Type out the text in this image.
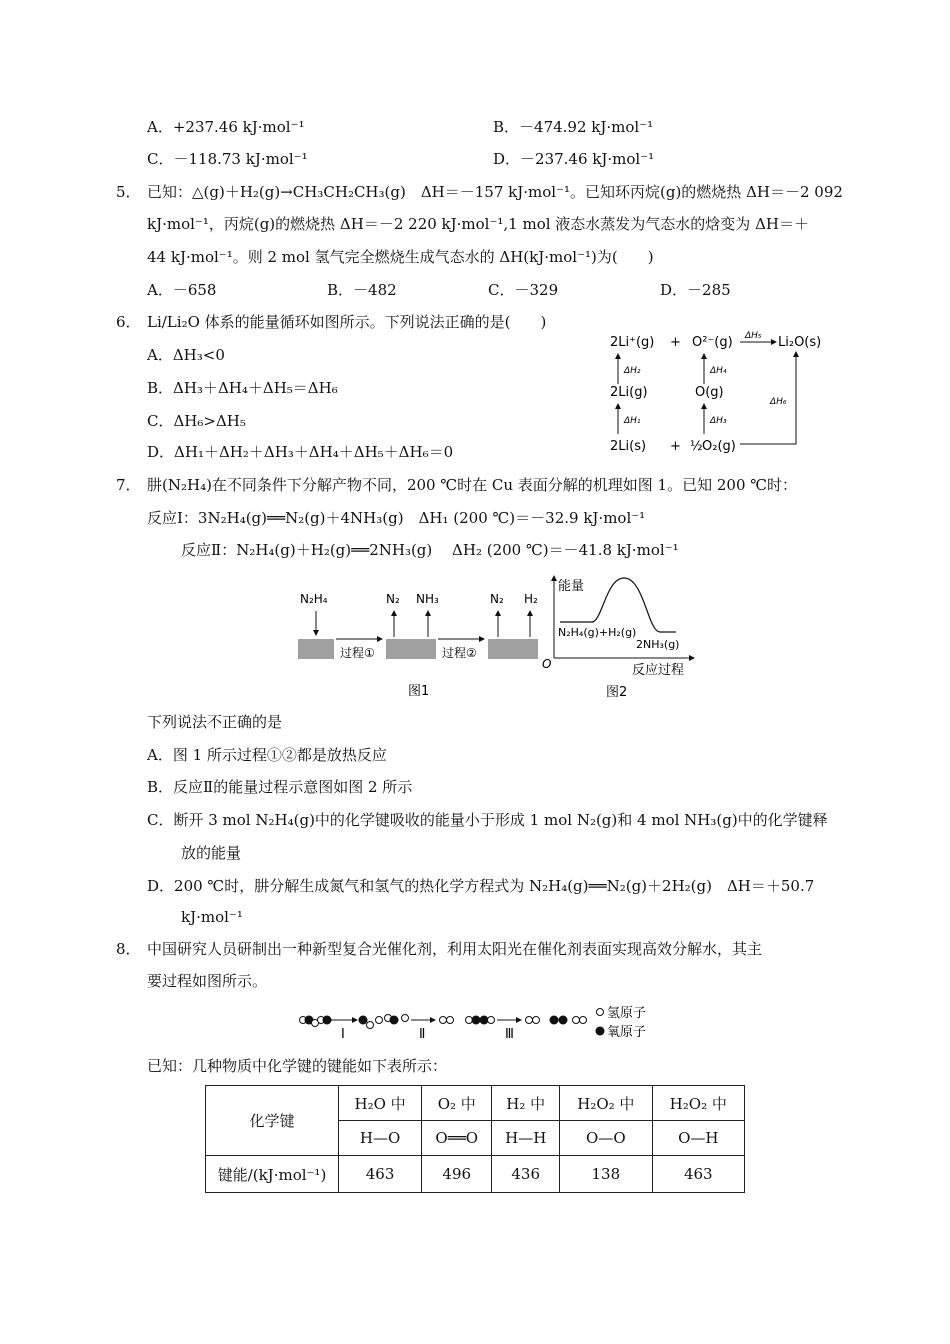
A．+237.46 kJ·mol⁻¹	B．－474.92 kJ·mol⁻¹
C．－118.73 kJ·mol⁻¹	D．－237.46 kJ·mol⁻¹
5． 已知：△(g)＋H₂(g)→CH₃CH₂CH₃(g)　ΔH＝－157 kJ·mol⁻¹。已知环丙烷(g)的燃烧热 ΔH＝－2 092
kJ·mol⁻¹，丙烷(g)的燃烧热 ΔH＝－2 220 kJ·mol⁻¹,1 mol 液态水蒸发为气态水的焓变为 ΔH＝＋
44 kJ·mol⁻¹。则 2 mol 氢气完全燃烧生成气态水的 ΔH(kJ·mol⁻¹)为(　　)
A．－658	B．－482	C．－329	D．－285
6． Li/Li₂O 体系的能量循环如图所示。下列说法正确的是(　　)
A．ΔH₃<0
B．ΔH₃＋ΔH₄＋ΔH₅＝ΔH₆
C．ΔH₆>ΔH₅
D．ΔH₁＋ΔH₂＋ΔH₃＋ΔH₄＋ΔH₅＋ΔH₆＝0
2Li⁺(g) + O²⁻(g) ΔH₅ Li₂O(s)
ΔH₂	ΔH₄
2Li(g)	O(g)
ΔH₆
ΔH₁	ΔH₃
2Li(s) + ½ O₂(g)
7． 肼(N₂H₄)在不同条件下分解产物不同，200 ℃时在 Cu 表面分解的机理如图 1。已知 200 ℃时：
反应Ⅰ：3N₂H₄(g)══N₂(g)＋4NH₃(g)　ΔH₁ (200 ℃)＝－32.9 kJ·mol⁻¹
反应Ⅱ：N₂H₄(g)＋H₂(g)══2NH₃(g)　 ΔH₂ (200 ℃)＝－41.8 kJ·mol⁻¹
N₂H₄
过程①
N₂ NH₃
过程②
N₂ H₂
图1
能量
O
N₂H₄(g)+H₂(g)
2NH₃(g)
反应过程
图2
下列说法不正确的是
A．图 1 所示过程①②都是放热反应
B．反应Ⅱ的能量过程示意图如图 2 所示
C．断开 3 mol N₂H₄(g)中的化学键吸收的能量小于形成 1 mol N₂(g)和 4 mol NH₃(g)中的化学键释
放的能量
D．200 ℃时，肼分解生成氮气和氢气的热化学方程式为 N₂H₄(g)══N₂(g)＋2H₂(g)　ΔH＝＋50.7
kJ·mol⁻¹
8． 中国研究人员研制出一种新型复合光催化剂，利用太阳光在催化剂表面实现高效分解水，其主
要过程如图所示。
Ⅰ	Ⅱ	Ⅲ
氢原子
氧原子
已知：几种物质中化学键的键能如下表所示：
化学键	H₂O 中	O₂ 中	H₂ 中	H₂O₂ 中	H₂O₂ 中
	H—O	O══O	H—H	O—O	O—H
键能/(kJ·mol⁻¹)	463	496	436	138	463
